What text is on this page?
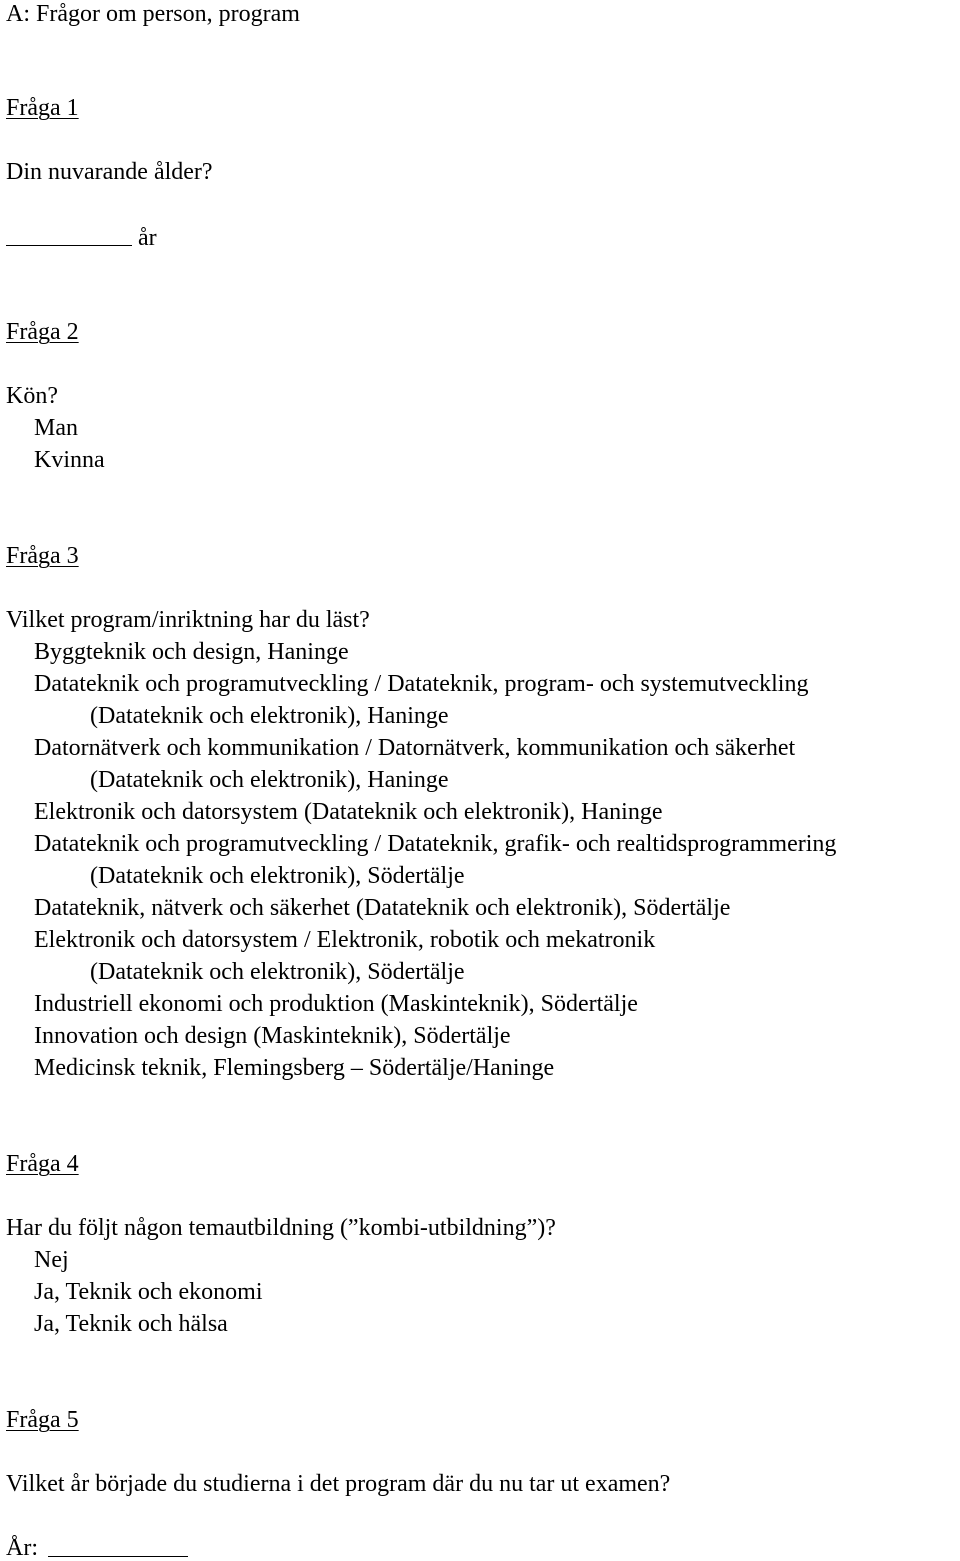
A: Frågor om person, program
Fråga 1
Din nuvarande ålder?
år
Fråga 2
Kön?
Man
Kvinna
Fråga 3
Vilket program/inriktning har du läst?
Byggteknik och design, Haninge
Datateknik och programutveckling / Datateknik, program- och systemutveckling
(Datateknik och elektronik), Haninge
Datornätverk och kommunikation / Datornätverk, kommunikation och säkerhet
(Datateknik och elektronik), Haninge
Elektronik och datorsystem (Datateknik och elektronik), Haninge
Datateknik och programutveckling / Datateknik, grafik- och realtidsprogrammering
(Datateknik och elektronik), Södertälje
Datateknik, nätverk och säkerhet (Datateknik och elektronik), Södertälje
Elektronik och datorsystem / Elektronik, robotik och mekatronik
(Datateknik och elektronik), Södertälje
Industriell ekonomi och produktion (Maskinteknik), Södertälje
Innovation och design (Maskinteknik), Södertälje
Medicinsk teknik, Flemingsberg – Södertälje/Haninge
Fråga 4
Har du följt någon temautbildning (”kombi-utbildning”)?
Nej
Ja, Teknik och ekonomi
Ja, Teknik och hälsa
Fråga 5
Vilket år började du studierna i det program där du nu tar ut examen?
År:
